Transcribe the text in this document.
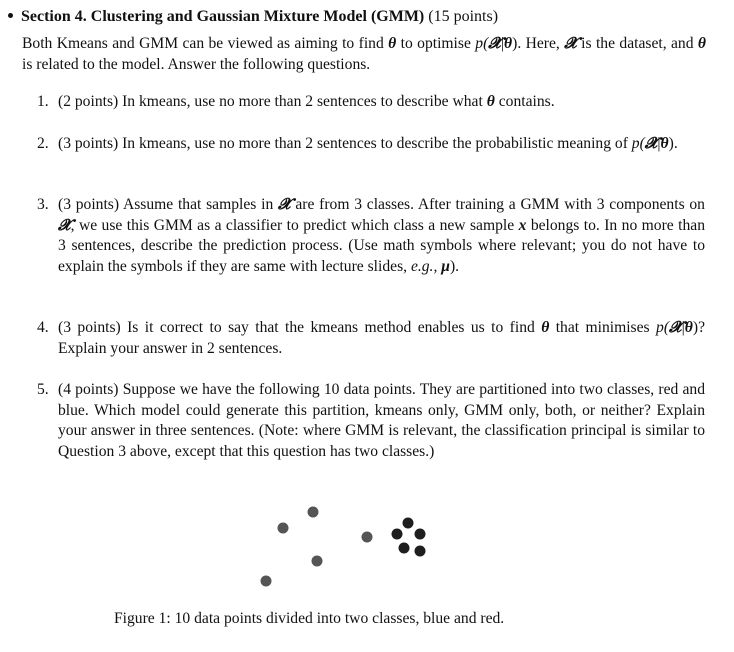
Section 4. Clustering and Gaussian Mixture Model (GMM) (15 points)
Both Kmeans and GMM can be viewed as aiming to find θ to optimise p(𝓧|θ). Here, 𝓧 is the dataset, and θ is related to the model. Answer the following questions.
1. (2 points) In kmeans, use no more than 2 sentences to describe what θ contains.
2. (3 points) In kmeans, use no more than 2 sentences to describe the probabilistic meaning of p(𝓧|θ).
3. (3 points) Assume that samples in 𝓧 are from 3 classes. After training a GMM with 3 components on 𝓧, we use this GMM as a classifier to predict which class a new sample x belongs to. In no more than 3 sentences, describe the prediction process. (Use math symbols where relevant; you do not have to explain the symbols if they are same with lecture slides, e.g., μ).
4. (3 points) Is it correct to say that the kmeans method enables us to find θ that minimises p(𝓧|θ)? Explain your answer in 2 sentences.
5. (4 points) Suppose we have the following 10 data points. They are partitioned into two classes, red and blue. Which model could generate this partition, kmeans only, GMM only, both, or neither? Explain your answer in three sentences. (Note: where GMM is relevant, the classification principal is similar to Question 3 above, except that this question has two classes.)
Figure 1: 10 data points divided into two classes, blue and red.
